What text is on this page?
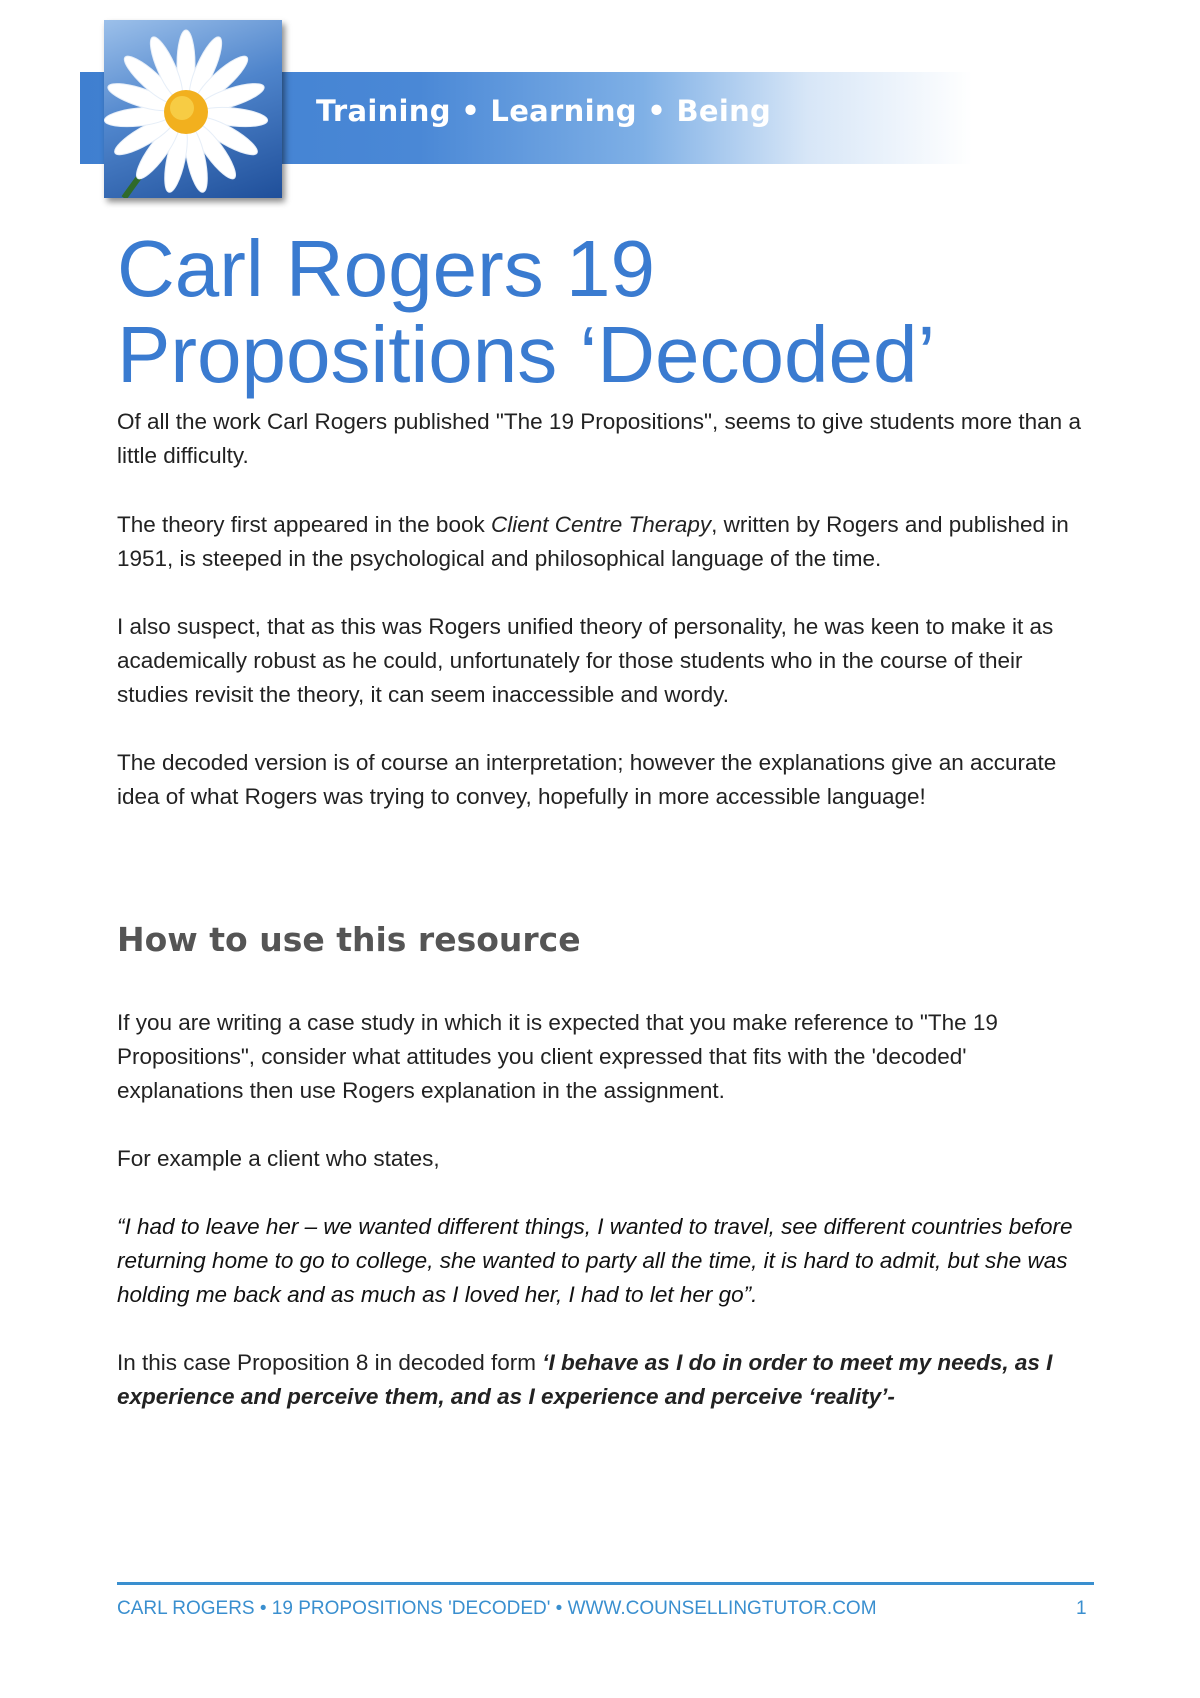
Training • Learning • Being
Carl Rogers 19
Propositions ‘Decoded’

Of all the work Carl Rogers published "The 19 Propositions", seems to give students more than a little difficulty.

The theory first appeared in the book Client Centre Therapy, written by Rogers and published in 1951, is steeped in the psychological and philosophical language of the time.

I also suspect, that as this was Rogers unified theory of personality, he was keen to make it as academically robust as he could, unfortunately for those students who in the course of their studies revisit the theory, it can seem inaccessible and wordy.

The decoded version is of course an interpretation; however the explanations give an accurate idea of what Rogers was trying to convey, hopefully in more accessible language!

How to use this resource

If you are writing a case study in which it is expected that you make reference to "The 19 Propositions", consider what attitudes you client expressed that fits with the 'decoded' explanations then use Rogers explanation in the assignment.

For example a client who states,

“I had to leave her – we wanted different things, I wanted to travel, see different countries before returning home to go to college, she wanted to party all the time, it is hard to admit, but she was holding me back and as much as I loved her, I had to let her go”.

In this case Proposition 8 in decoded form ‘I behave as I do in order to meet my needs, as I experience and perceive them, and as I experience and perceive ‘reality’-

CARL ROGERS • 19 PROPOSITIONS 'DECODED' • WWW.COUNSELLINGTUTOR.COM	1
